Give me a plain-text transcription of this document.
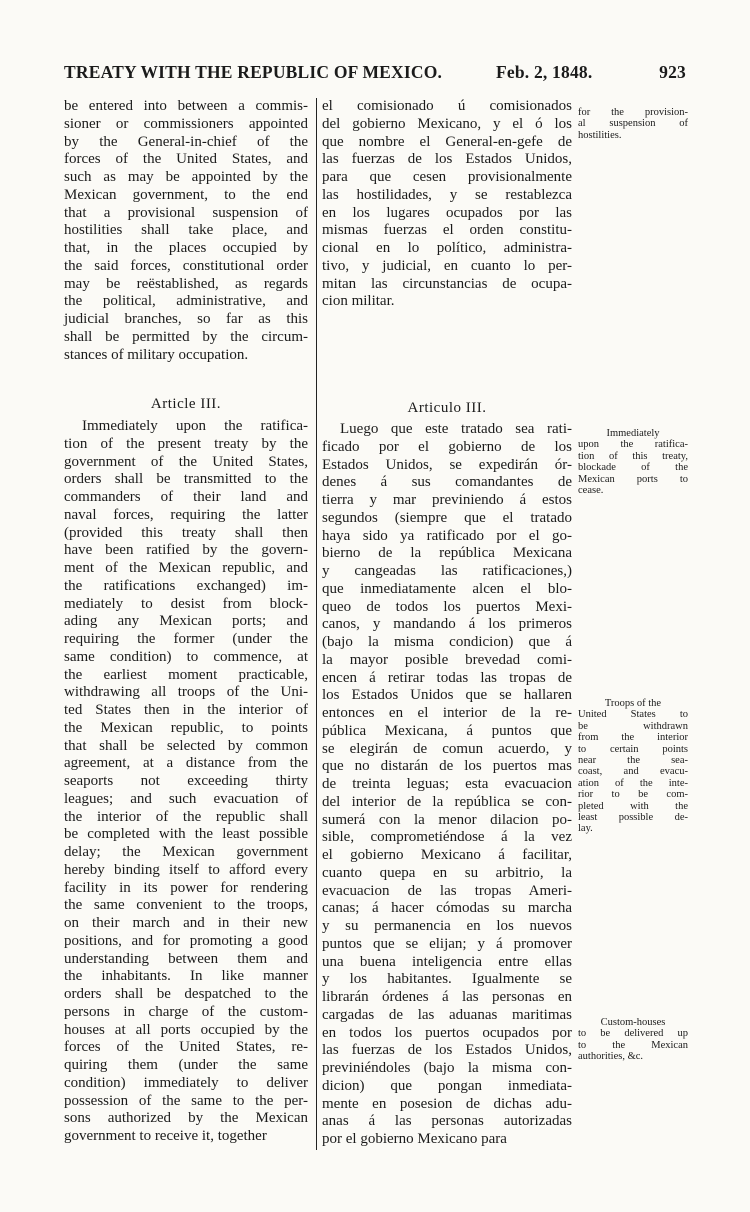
TREATY WITH THE REPUBLIC OF MEXICO.	Feb. 2, 1848.	923
be entered into between a commis-
sioner or commissioners appointed
by the General-in-chief of the
forces of the United States, and
such as may be appointed by the
Mexican government, to the end
that a provisional suspension of
hostilities shall take place, and
that, in the places occupied by
the said forces, constitutional order
may be reëstablished, as regards
the political, administrative, and
judicial branches, so far as this
shall be permitted by the circum-
stances of military occupation.
el comisionado ú comisionados
del gobierno Mexicano, y el ó los
que nombre el General-en-gefe de
las fuerzas de los Estados Unidos,
para que cesen provisionalmente
las hostilidades, y se restablezca
en los lugares ocupados por las
mismas fuerzas el orden constitu-
cional en lo político, administra-
tivo, y judicial, en cuanto lo per-
mitan las circunstancias de ocupa-
cion militar.
Article III.	Articulo III.
Immediately upon the ratifica-
tion of the present treaty by the
government of the United States,
orders shall be transmitted to the
commanders of their land and
naval forces, requiring the latter
(provided this treaty shall then
have been ratified by the govern-
ment of the Mexican republic, and
the ratifications exchanged) im-
mediately to desist from block-
ading any Mexican ports; and
requiring the former (under the
same condition) to commence, at
the earliest moment practicable,
withdrawing all troops of the Uni-
ted States then in the interior of
the Mexican republic, to points
that shall be selected by common
agreement, at a distance from the
seaports not exceeding thirty
leagues; and such evacuation of
the interior of the republic shall
be completed with the least possible
delay; the Mexican government
hereby binding itself to afford every
facility in its power for rendering
the same convenient to the troops,
on their march and in their new
positions, and for promoting a good
understanding between them and
the inhabitants. In like manner
orders shall be despatched to the
persons in charge of the custom-
houses at all ports occupied by the
forces of the United States, re-
quiring them (under the same
condition) immediately to deliver
possession of the same to the per-
sons authorized by the Mexican
government to receive it, together
Luego que este tratado sea rati-
ficado por el gobierno de los
Estados Unidos, se expedirán ór-
denes á sus comandantes de
tierra y mar previniendo á estos
segundos (siempre que el tratado
haya sido ya ratificado por el go-
bierno de la república Mexicana
y cangeadas las ratificaciones,)
que inmediatamente alcen el blo-
queo de todos los puertos Mexi-
canos, y mandando á los primeros
(bajo la misma condicion) que á
la mayor posible brevedad comi-
encen á retirar todas las tropas de
los Estados Unidos que se hallaren
entonces en el interior de la re-
pública Mexicana, á puntos que
se elegirán de comun acuerdo, y
que no distarán de los puertos mas
de treinta leguas; esta evacuacion
del interior de la república se con-
sumerá con la menor dilacion po-
sible, comprometiéndose á la vez
el gobierno Mexicano á facilitar,
cuanto quepa en su arbitrio, la
evacuacion de las tropas Ameri-
canas; á hacer cómodas su marcha
y su permanencia en los nuevos
puntos que se elijan; y á promover
una buena inteligencia entre ellas
y los habitantes. Igualmente se
librarán órdenes á las personas en
cargadas de las aduanas maritimas
en todos los puertos ocupados por
las fuerzas de los Estados Unidos,
previniéndoles (bajo la misma con-
dicion) que pongan inmediata-
mente en posesion de dichas adu-
anas á las personas autorizadas
por el gobierno Mexicano para
for the provision-
al suspension of
hostilities.
Immediately
upon the ratifica-
tion of this treaty,
blockade of the
Mexican ports to
cease.
Troops of the
United States to
be withdrawn
from the interior
to certain points
near the sea-
coast, and evacu-
ation of the inte-
rior to be com-
pleted with the
least possible de-
lay.
Custom-houses
to be delivered up
to the Mexican
authorities, &c.
